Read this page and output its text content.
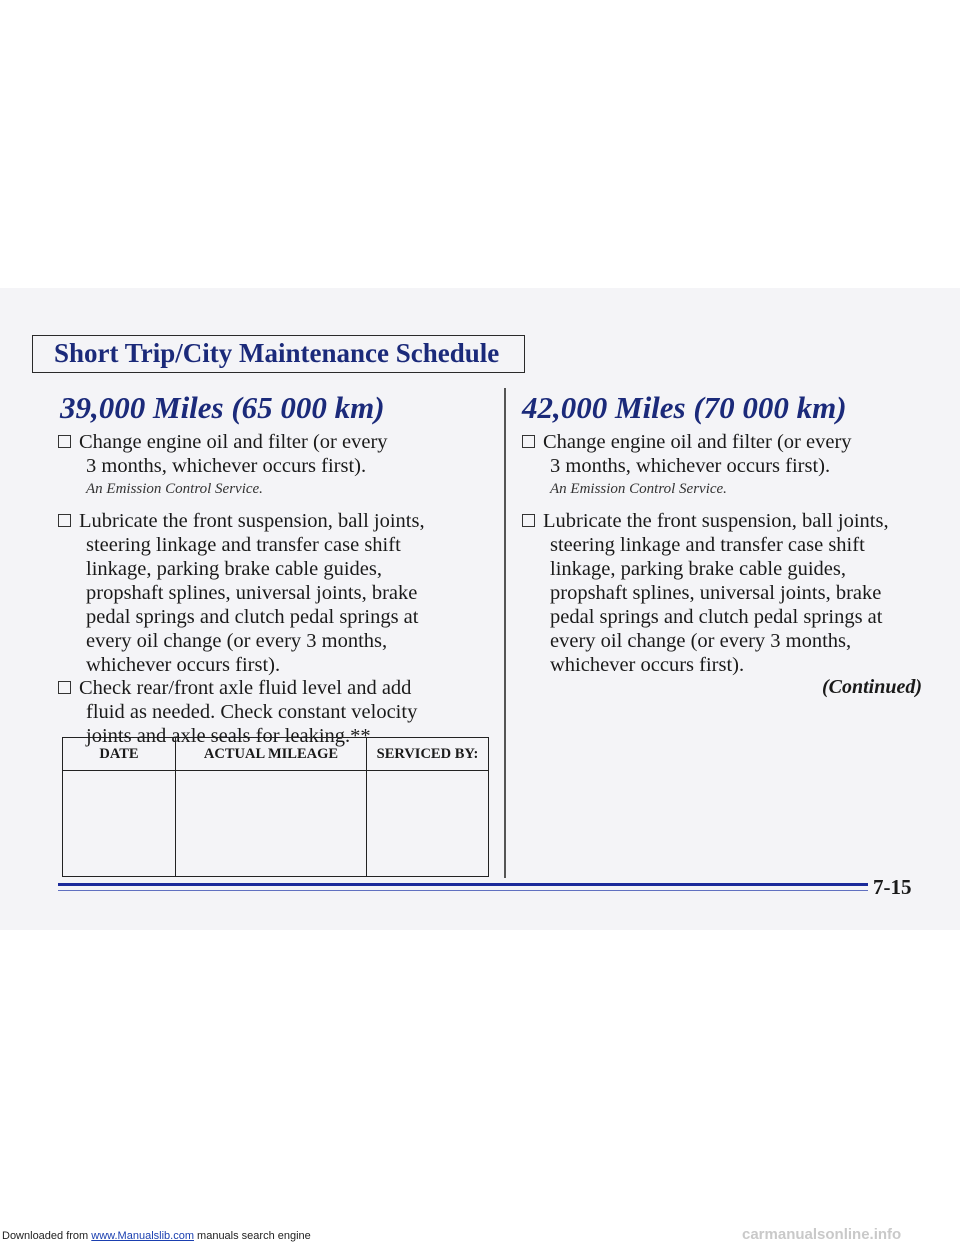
Short Trip/City Maintenance Schedule
39,000 Miles (65 000 km)
Change engine oil and filter (or every
3 months, whichever occurs first).
An Emission Control Service.
Lubricate the front suspension, ball joints,
steering linkage and transfer case shift
linkage, parking brake cable guides,
propshaft splines, universal joints, brake
pedal springs and clutch pedal springs at
every oil change (or every 3 months,
whichever occurs first).
Check rear/front axle fluid level and add
fluid as needed. Check constant velocity
joints and axle seals for leaking.**
DATE	ACTUAL MILEAGE	SERVICED BY:

42,000 Miles (70 000 km)
Change engine oil and filter (or every
3 months, whichever occurs first).
An Emission Control Service.
Lubricate the front suspension, ball joints,
steering linkage and transfer case shift
linkage, parking brake cable guides,
propshaft splines, universal joints, brake
pedal springs and clutch pedal springs at
every oil change (or every 3 months,
whichever occurs first).
(Continued)
7-15
Downloaded from www.Manualslib.com manuals search engine	carmanualsonline.info
